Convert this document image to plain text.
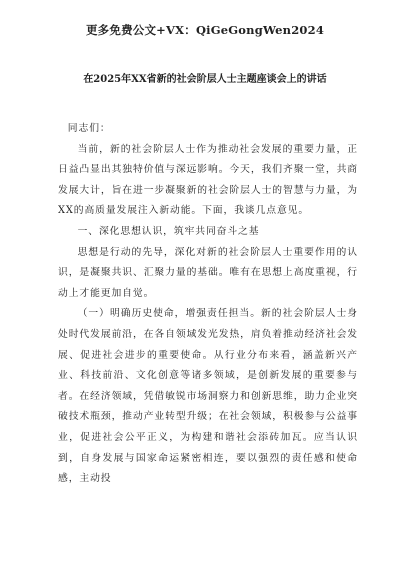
更多免费公文+VX：QiGeGongWen2024
在2025年XX省新的社会阶层人士主题座谈会上的讲话

同志们：

当前，新的社会阶层人士作为推动社会发展的重要力量，正日益凸显出其独特价值与深远影响。今天，我们齐聚一堂，共商发展大计，旨在进一步凝聚新的社会阶层人士的智慧与力量，为XX的高质量发展注入新动能。下面，我谈几点意见。

一、深化思想认识，筑牢共同奋斗之基

思想是行动的先导，深化对新的社会阶层人士重要作用的认识，是凝聚共识、汇聚力量的基础。唯有在思想上高度重视，行动上才能更加自觉。

（一）明确历史使命，增强责任担当。新的社会阶层人士身处时代发展前沿，在各自领域发光发热，肩负着推动经济社会发展、促进社会进步的重要使命。从行业分布来看，涵盖新兴产业、科技前沿、文化创意等诸多领域，是创新发展的重要参与者。在经济领域，凭借敏锐市场洞察力和创新思维，助力企业突破技术瓶颈，推动产业转型升级；在社会领域，积极参与公益事业，促进社会公平正义，为构建和谐社会添砖加瓦。应当认识到，自身发展与国家命运紧密相连，要以强烈的责任感和使命感，主动投
